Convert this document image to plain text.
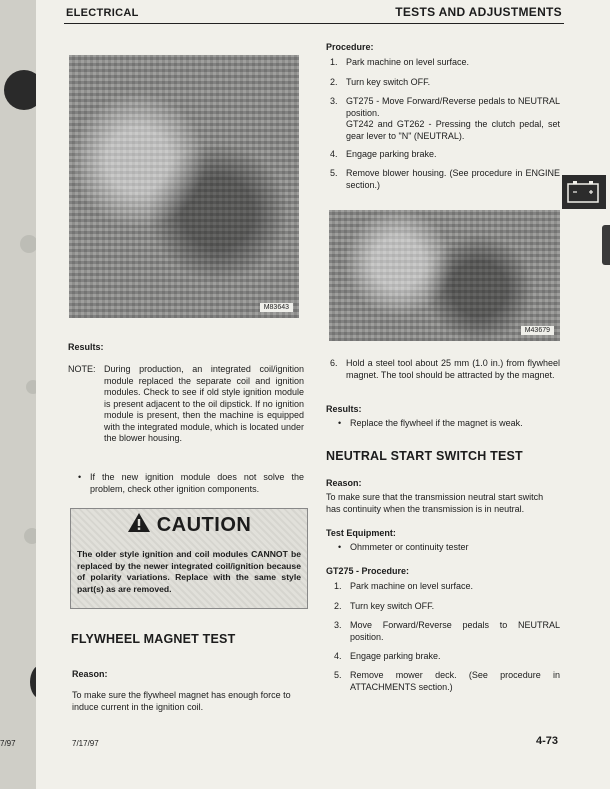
7/97
ELECTRICAL	TESTS AND ADJUSTMENTS
M83643
Results:
NOTE: During production, an integrated coil/ignition module replaced the separate coil and ignition modules. Check to see if old style ignition module is present adjacent to the oil dipstick. If no ignition module is present, then the machine is equipped with the integrated module, which is located under the blower housing.
• If the new ignition module does not solve the problem, check other ignition components.
CAUTION
The older style ignition and coil modules CANNOT be replaced by the newer integrated coil/ignition because of polarity variations. Replace with the same style part(s) as are removed.
FLYWHEEL MAGNET TEST
Reason:
To make sure the flywheel magnet has enough force to induce current in the ignition coil.
Procedure:
1. Park machine on level surface.
2. Turn key switch OFF.
3. GT275 - Move Forward/Reverse pedals to NEUTRAL position.
GT242 and GT262 - Pressing the clutch pedal, set gear lever to "N" (NEUTRAL).
4. Engage parking brake.
5. Remove blower housing. (See procedure in ENGINE section.)
M43679
6. Hold a steel tool about 25 mm (1.0 in.) from flywheel magnet. The tool should be attracted by the magnet.
Results:
• Replace the flywheel if the magnet is weak.
NEUTRAL START SWITCH TEST
Reason:
To make sure that the transmission neutral start switch has continuity when the transmission is in neutral.
Test Equipment:
• Ohmmeter or continuity tester
GT275 - Procedure:
1. Park machine on level surface.
2. Turn key switch OFF.
3. Move Forward/Reverse pedals to NEUTRAL position.
4. Engage parking brake.
5. Remove mower deck. (See procedure in ATTACHMENTS section.)
7/17/97	4-73
